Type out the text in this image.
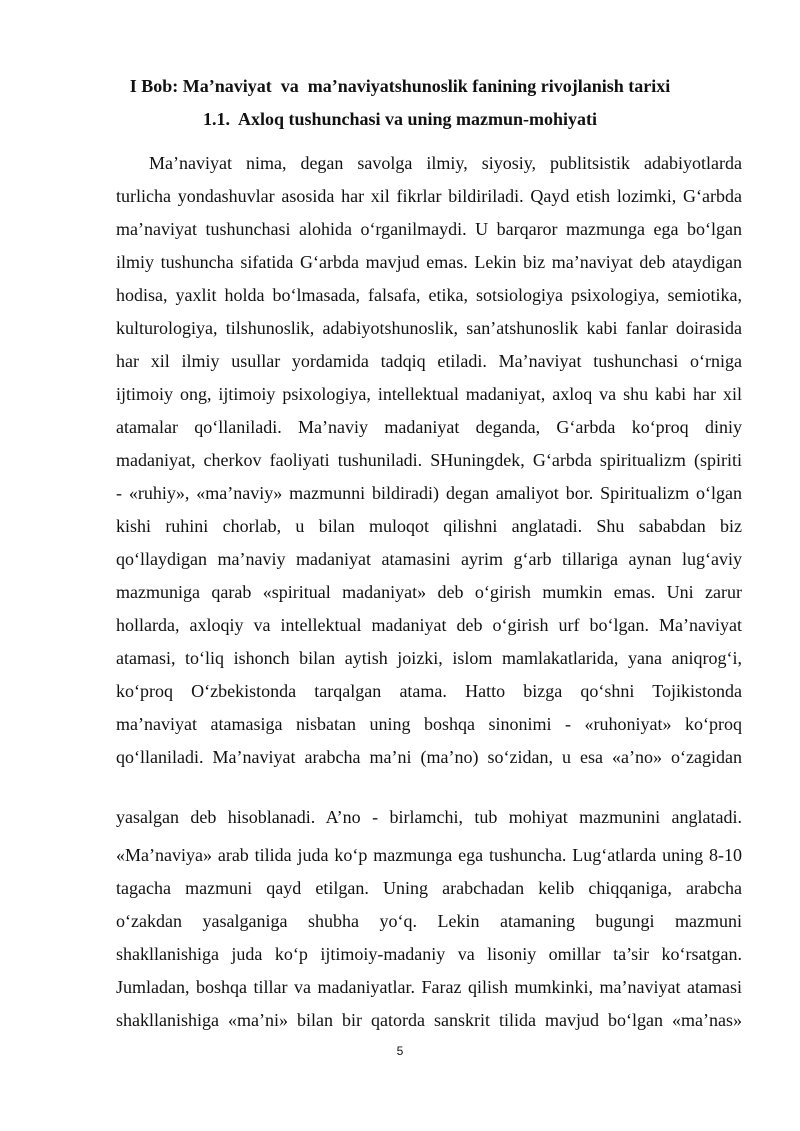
I Bob: Ma’naviyat  va  ma’naviyatshunoslik fanining rivojlanish tarixi
1.1.  Axloq tushunchasi va uning mazmun-mohiyati
Ma’naviyat nima, degan savolga ilmiy, siyosiy, publitsistik adabiyotlarda
turlicha yondashuvlar asosida har xil fikrlar bildiriladi. Qayd etish lozimki, G‘arbda
ma’naviyat tushunchasi alohida o‘rganilmaydi. U barqaror mazmunga ega bo‘lgan
ilmiy tushuncha sifatida G‘arbda mavjud emas. Lekin biz ma’naviyat deb ataydigan
hodisa, yaxlit holda bo‘lmasada, falsafa, etika, sotsiologiya psixologiya, semiotika,
kulturologiya, tilshunoslik, adabiyotshunoslik, san’atshunoslik kabi fanlar doirasida
har xil ilmiy usullar yordamida tadqiq etiladi. Ma’naviyat tushunchasi o‘rniga
ijtimoiy ong, ijtimoiy psixologiya, intellektual madaniyat, axloq va shu kabi har xil
atamalar qo‘llaniladi. Ma’naviy madaniyat deganda, G‘arbda ko‘proq diniy
madaniyat, cherkov faoliyati tushuniladi. SHuningdek, G‘arbda spiritualizm (spiriti
- «ruhiy», «ma’naviy» mazmunni bildiradi) degan amaliyot bor. Spiritualizm o‘lgan
kishi ruhini chorlab, u bilan muloqot qilishni anglatadi. Shu sababdan biz
qo‘llaydigan ma’naviy madaniyat atamasini ayrim g‘arb tillariga aynan lug‘aviy
mazmuniga qarab «spiritual madaniyat» deb o‘girish mumkin emas. Uni zarur
hollarda, axloqiy va intellektual madaniyat deb o‘girish urf bo‘lgan. Ma’naviyat
atamasi, to‘liq ishonch bilan aytish joizki, islom mamlakatlarida, yana aniqrog‘i,
ko‘proq O‘zbekistonda tarqalgan atama. Hatto bizga qo‘shni Tojikistonda
ma’naviyat atamasiga nisbatan uning boshqa sinonimi - «ruhoniyat» ko‘proq
qo‘llaniladi. Ma’naviyat arabcha ma’ni (ma’no) so‘zidan, u esa «a’no» o‘zagidan
yasalgan deb hisoblanadi. A’no - birlamchi, tub mohiyat mazmunini anglatadi.
«Ma’naviya» arab tilida juda ko‘p mazmunga ega tushuncha. Lug‘atlarda uning 8-10
tagacha mazmuni qayd etilgan. Uning arabchadan kelib chiqqaniga, arabcha
o‘zakdan yasalganiga shubha yo‘q. Lekin atamaning bugungi mazmuni
shakllanishiga juda ko‘p ijtimoiy-madaniy va lisoniy omillar ta’sir ko‘rsatgan.
Jumladan, boshqa tillar va madaniyatlar. Faraz qilish mumkinki, ma’naviyat atamasi
shakllanishiga «ma’ni» bilan bir qatorda sanskrit tilida mavjud bo‘lgan «ma’nas»
5
